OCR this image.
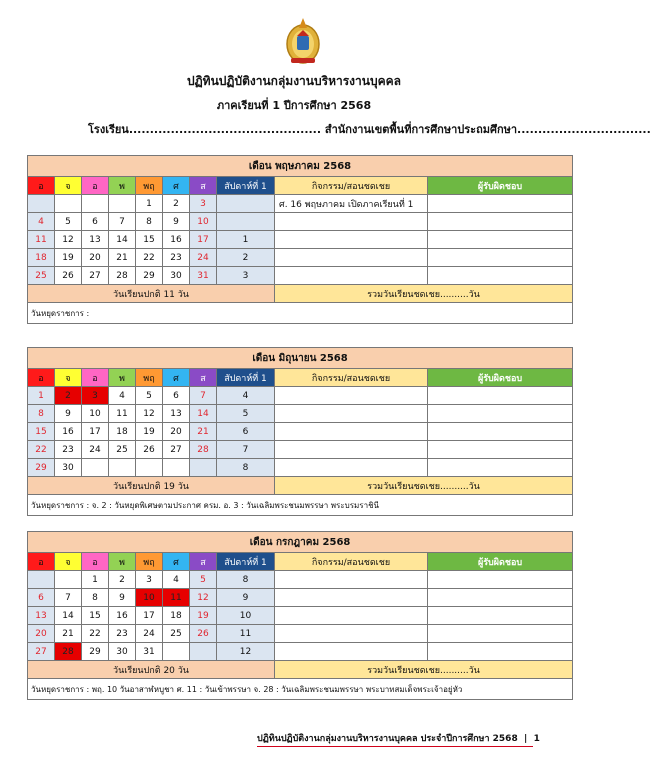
ปฏิทินปฏิบัติงานกลุ่มงานบริหารงานบุคคล
ภาคเรียนที่ 1 ปีการศึกษา 2568
โรงเรียน.............................................. สำนักงานเขตพื้นที่การศึกษาประถมศึกษา................................
เดือน พฤษภาคม 2568									
อ	จ	อ	พ	พฤ	ศ	ส	สัปดาห์ที่ 1	กิจกรรม/สอนชดเชย	ผู้รับผิดชอบ
				1	2	3		ศ. 16 พฤษภาคม เปิดภาคเรียนที่ 1	
4	5	6	7	8	9	10			
11	12	13	14	15	16	17	1		
18	19	20	21	22	23	24	2		
25	26	27	28	29	30	31	3		
วันเรียนปกติ 11 วัน								รวมวันเรียนชดเชย..........วัน	
วันหยุดราชการ :									
เดือน มิถุนายน 2568									
อ	จ	อ	พ	พฤ	ศ	ส	สัปดาห์ที่ 1	กิจกรรม/สอนชดเชย	ผู้รับผิดชอบ
1	2	3	4	5	6	7	4		
8	9	10	11	12	13	14	5		
15	16	17	18	19	20	21	6		
22	23	24	25	26	27	28	7		
29	30						8		
วันเรียนปกติ 19 วัน								รวมวันเรียนชดเชย..........วัน	
วันหยุดราชการ : จ. 2 : วันหยุดพิเศษตามประกาศ ครม. อ. 3 : วันเฉลิมพระชนมพรรษา พระบรมราชินี									
เดือน กรกฎาคม 2568									
อ	จ	อ	พ	พฤ	ศ	ส	สัปดาห์ที่ 1	กิจกรรม/สอนชดเชย	ผู้รับผิดชอบ
		1	2	3	4	5	8		
6	7	8	9	10	11	12	9		
13	14	15	16	17	18	19	10		
20	21	22	23	24	25	26	11		
27	28	29	30	31			12		
วันเรียนปกติ 20 วัน								รวมวันเรียนชดเชย..........วัน	
วันหยุดราชการ : พฤ. 10 วันอาสาฬหบูชา ศ. 11 : วันเข้าพรรษา จ. 28 : วันเฉลิมพระชนมพรรษา พระบาทสมเด็จพระเจ้าอยู่หัว									
ปฏิทินปฏิบัติงานกลุ่มงานบริหารงานบุคคล ประจำปีการศึกษา 2568  |  1
